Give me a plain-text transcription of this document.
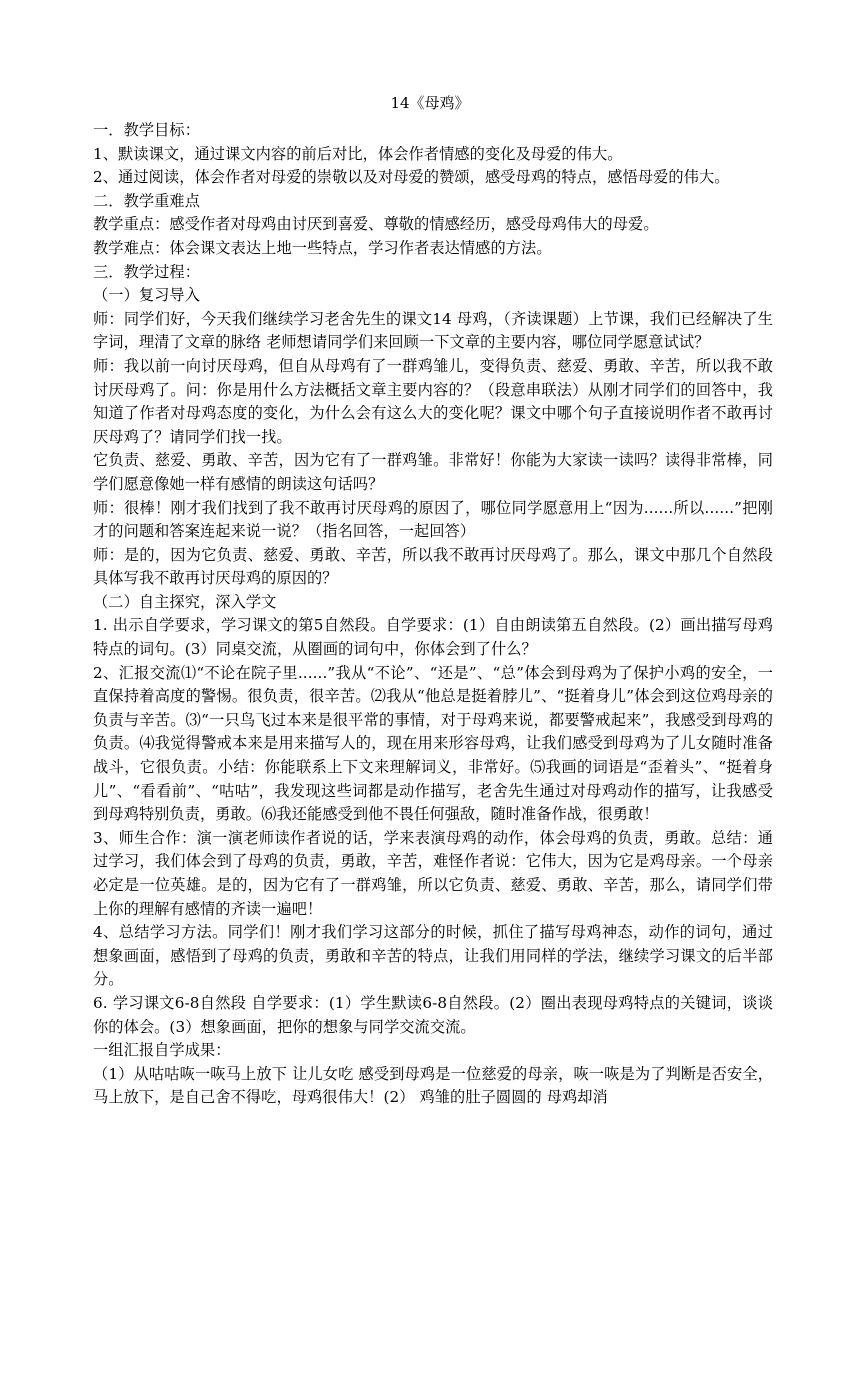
14《母鸡》

一．教学目标：

1、默读课文，通过课文内容的前后对比，体会作者情感的变化及母爱的伟大。

2、通过阅读，体会作者对母爱的崇敬以及对母爱的赞颂，感受母鸡的特点，感悟母爱的伟大。

二．教学重难点

教学重点：感受作者对母鸡由讨厌到喜爱、尊敬的情感经历，感受母鸡伟大的母爱。

教学难点：体会课文表达上地一些特点，学习作者表达情感的方法。

三．教学过程：

（一）复习导入

师：同学们好，今天我们继续学习老舍先生的课文14 母鸡，（齐读课题）上节课，我们已经解决了生字词，理清了文章的脉络 老师想请同学们来回顾一下文章的主要内容，哪位同学愿意试试？

师：我以前一向讨厌母鸡，但自从母鸡有了一群鸡雏儿，变得负责、慈爱、勇敢、辛苦，所以我不敢讨厌母鸡了。问：你是用什么方法概括文章主要内容的？（段意串联法）从刚才同学们的回答中，我知道了作者对母鸡态度的变化，为什么会有这么大的变化呢？课文中哪个句子直接说明作者不敢再讨厌母鸡了？请同学们找一找。

它负责、慈爱、勇敢、辛苦，因为它有了一群鸡雏。非常好！你能为大家读一读吗？读得非常棒，同学们愿意像她一样有感情的朗读这句话吗？

师：很棒！刚才我们找到了我不敢再讨厌母鸡的原因了，哪位同学愿意用上“因为......所以......”把刚才的问题和答案连起来说一说？（指名回答，一起回答）

师：是的，因为它负责、慈爱、勇敢、辛苦，所以我不敢再讨厌母鸡了。那么，课文中那几个自然段具体写我不敢再讨厌母鸡的原因的？

（二）自主探究，深入学文

1. 出示自学要求，学习课文的第5自然段。自学要求：(1）自由朗读第五自然段。(2）画出描写母鸡特点的词句。(3）同桌交流，从圈画的词句中，你体会到了什么？

2、汇报交流⑴“不论在院子里......”我从“不论”、“还是”、“总”体会到母鸡为了保护小鸡的安全，一直保持着高度的警惕。很负责，很辛苦。⑵我从“他总是挺着脖儿”、“挺着身儿”体会到这位鸡母亲的负责与辛苦。⑶“一只鸟飞过本来是很平常的事情，对于母鸡来说，都要警戒起来”，我感受到母鸡的负责。⑷我觉得警戒本来是用来描写人的，现在用来形容母鸡，让我们感受到母鸡为了儿女随时准备战斗，它很负责。小结：你能联系上下文来理解词义，非常好。⑸我画的词语是“歪着头”、“挺着身儿”、“看看前”、“咕咕”，我发现这些词都是动作描写，老舍先生通过对母鸡动作的描写，让我感受到母鸡特别负责，勇敢。⑹我还能感受到他不畏任何强敌，随时准备作战，很勇敢！

3、师生合作：演一演老师读作者说的话，学来表演母鸡的动作，体会母鸡的负责，勇敢。总结：通过学习，我们体会到了母鸡的负责，勇敢，辛苦，难怪作者说：它伟大，因为它是鸡母亲。一个母亲必定是一位英雄。是的，因为它有了一群鸡雏，所以它负责、慈爱、勇敢、辛苦，那么，请同学们带上你的理解有感情的齐读一遍吧！

4、总结学习方法。同学们！刚才我们学习这部分的时候，抓住了描写母鸡神态，动作的词句，通过想象画面，感悟到了母鸡的负责，勇敢和辛苦的特点，让我们用同样的学法，继续学习课文的后半部分。

6. 学习课文6-8自然段 自学要求：(1）学生默读6-8自然段。(2）圈出表现母鸡特点的关键词，谈谈你的体会。(3）想象画面，把你的想象与同学交流交流。

一组汇报自学成果：

（1）从咕咕咴一咴马上放下 让儿女吃 感受到母鸡是一位慈爱的母亲，咴一咴是为了判断是否安全，马上放下，是自己舍不得吃，母鸡很伟大！(2） 鸡雏的肚子圆圆的 母鸡却消
